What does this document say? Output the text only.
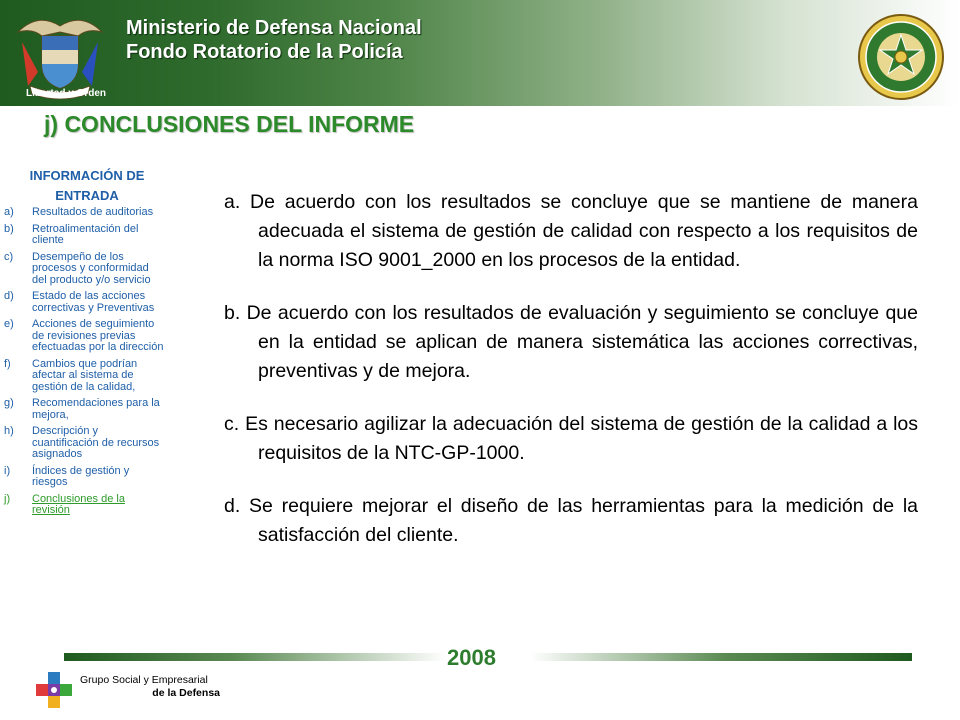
Libertad y Orden
Ministerio de Defensa Nacional
Fondo Rotatorio de la Policía
j) CONCLUSIONES DEL INFORME
INFORMACIÓN DE ENTRADA
a)	Resultados de auditorias
b)	Retroalimentación del cliente
c)	Desempeño de los procesos y conformidad del producto y/o servicio
d)	Estado de las acciones correctivas y Preventivas
e)	Acciones de seguimiento de revisiones previas efectuadas por la dirección
f)	Cambios que podrían afectar al sistema de gestión de la calidad,
g)	Recomendaciones para la mejora,
h)	Descripción y cuantificación de recursos asignados
i)	Índices de gestión y riesgos
j)	Conclusiones de la revisión

a. De acuerdo con los resultados se concluye que se mantiene de manera adecuada el sistema de gestión de calidad con respecto a los requisitos de la norma ISO 9001_2000 en los procesos de la entidad.

b. De acuerdo con los resultados de evaluación y seguimiento se concluye que en la entidad se aplican de manera sistemática las acciones correctivas, preventivas y de mejora.

c. Es necesario agilizar la adecuación del sistema de gestión de la calidad a los requisitos de la NTC-GP-1000.

d. Se requiere mejorar el diseño de las herramientas para la medición de la satisfacción del cliente.

2008
Grupo Social y Empresarial
de la Defensa
